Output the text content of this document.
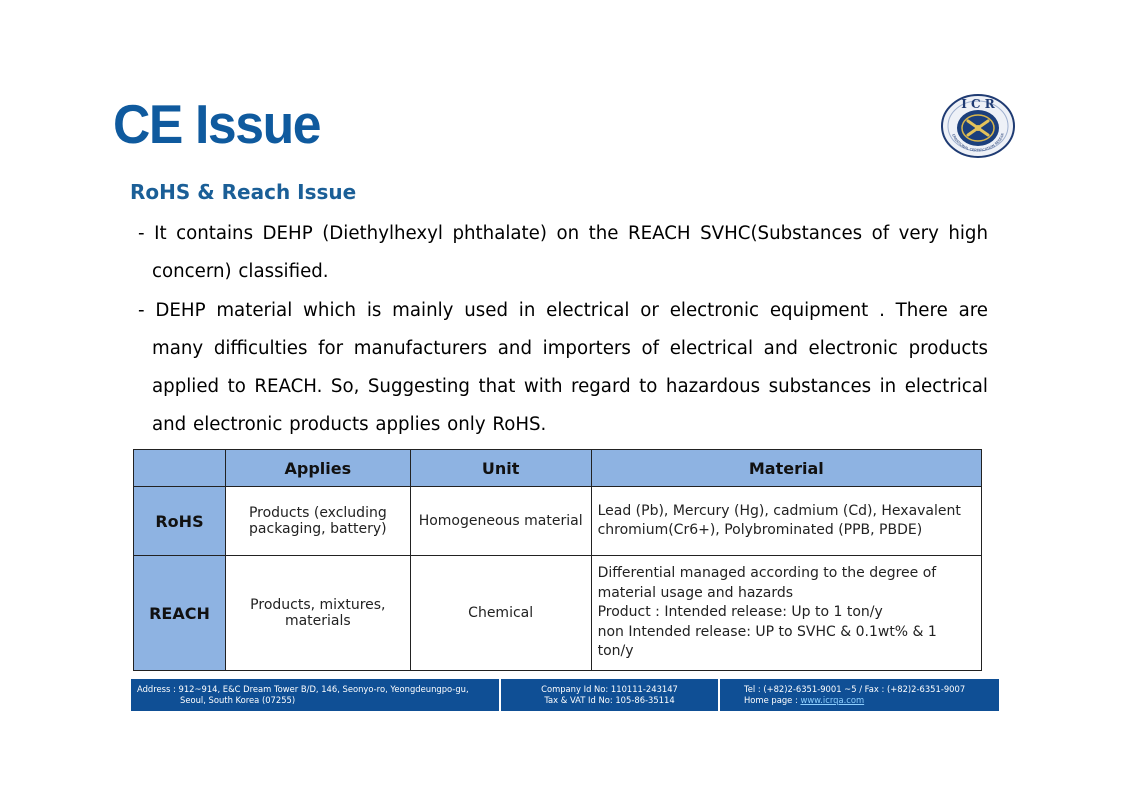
CE Issue	I C R
ERNATIONAL CERTIFICATION RESEAR
RoHS & Reach Issue
- It contains DEHP (Diethylhexyl phthalate) on the REACH SVHC(Substances of very high concern) classified.
- DEHP material which is mainly used in electrical or electronic equipment . There are many difficulties for manufacturers and importers of electrical and electronic products applied to REACH. So, Suggesting that with regard to hazardous substances in electrical and electronic products applies only RoHS.
	Applies	Unit	Material
RoHS	Products (excluding packaging, battery)	Homogeneous material	Lead (Pb), Mercury (Hg), cadmium (Cd), Hexavalent chromium(Cr6+), Polybrominated (PPB, PBDE)
REACH	Products, mixtures, materials	Chemical	Differential managed according to the degree of material usage and hazards
Product : Intended release: Up to 1 ton/y
non Intended release: UP to SVHC & 0.1wt% & 1 ton/y
Address : 912~914, E&C Dream Tower B/D, 146, Seonyo-ro, Yeongdeungpo-gu,
Seoul, South Korea (07255)
Company Id No: 110111-243147
Tax & VAT Id No: 105-86-35114
Tel : (+82)2-6351-9001 ~5 / Fax : (+82)2-6351-9007
Home page : www.icrqa.com
